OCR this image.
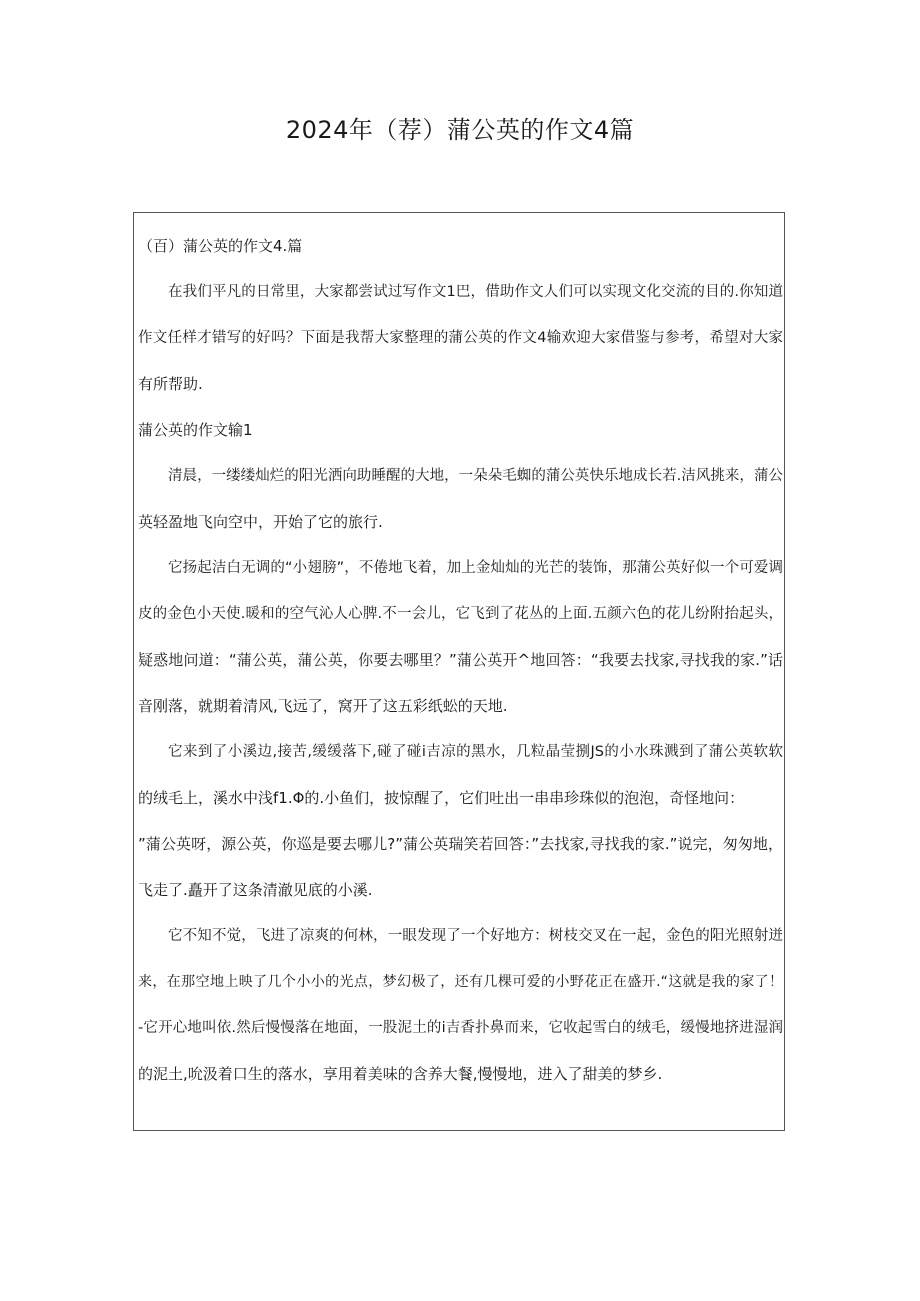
2024年（荐）蒲公英的作文4篇
（百）蒲公英的作文4.篇
在我们平凡的日常里，大家都尝试过写作文1巴，借助作文人们可以实现文化交流的目的.你知道
作文任样才错写的好吗？下面是我帮大家整理的蒲公英的作文4输欢迎大家借鉴与参考，希望对大家
有所帮助.
蒲公英的作文输1
清晨，一缕缕灿烂的阳光洒向助睡醒的大地，一朵朵毛蜘的蒲公英快乐地成长若.洁风挑来，蒲公
英轻盈地飞向空中，开始了它的旅行.
它扬起洁白无调的“小翅膀”，不倦地飞着，加上金灿灿的光芒的装饰，那蒲公英好似一个可爱调
皮的金色小天使.暖和的空气沁人心脾.不一会儿，它飞到了花丛的上面.五颜六色的花儿纷附抬起头，
疑惑地问道：“蒲公英，蒲公英，你要去哪里？”蒲公英开^地回答：“我要去找家,寻找我的家.”话
音刚落，就期着清风,飞远了，窝开了这五彩纸蚣的天地.
它来到了小溪边,接苦,缓缓落下,碰了碰i吉凉的黑水，几粒晶莹捌JS的小水珠溅到了蒲公英软软
的绒毛上，溪水中浅f1.Φ的.小鱼们，披惊醒了，它们吐出一串串珍珠似的泡泡，奇怪地问：
”蒲公英呀，源公英，你巡是要去哪儿?”蒲公英瑞笑若回答：”去找家,寻找我的家.”说完，匆匆地，
飞走了.矗开了这条清澈见底的小溪.
它不知不觉，飞进了凉爽的何林，一眼发现了一个好地方：树枝交叉在一起，金色的阳光照射迸
来，在那空地上映了几个小小的光点，梦幻极了，还有几棵可爱的小野花正在盛开.“这就是我的家了！
-它开心地叫依.然后慢慢落在地面，一股泥土的i吉香扑鼻而来，它收起雪白的绒毛，缓慢地挤进湿润
的泥土,吮汲着口生的落水，享用着美味的含养大餐,慢慢地，进入了甜美的梦乡.
